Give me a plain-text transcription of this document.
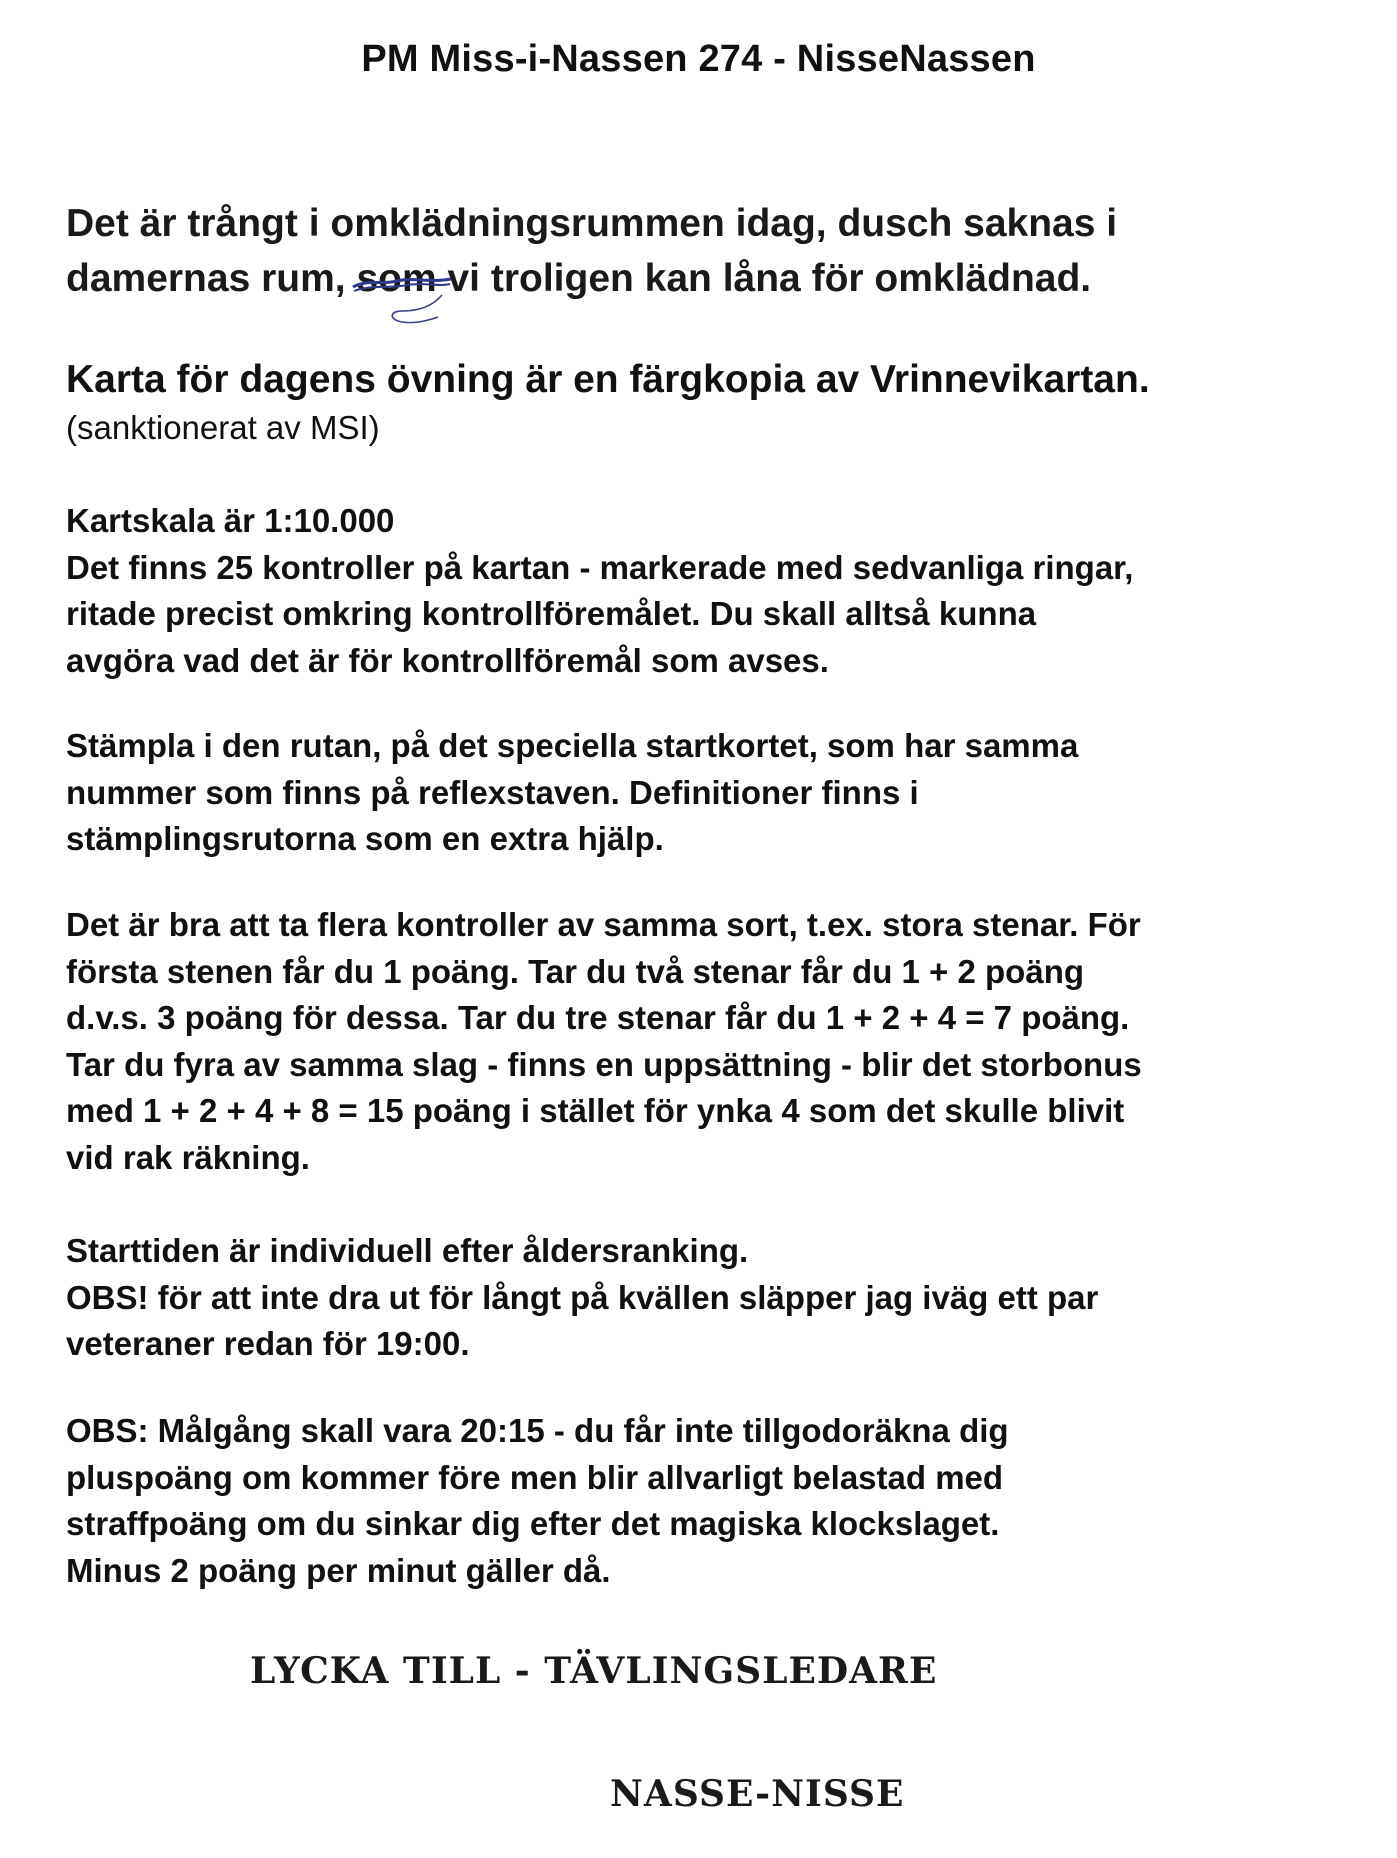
PM Miss-i-Nassen 274 - NisseNassen
Det är trångt i omklädningsrummen idag, dusch saknas i
damernas rum, som vi troligen kan låna för omklädnad.
Karta för dagens övning är en färgkopia av Vrinnevikartan.
(sanktionerat av MSI)
Kartskala är 1:10.000
Det finns 25 kontroller på kartan - markerade med sedvanliga ringar,
ritade precist omkring kontrollföremålet. Du skall alltså kunna
avgöra vad det är för kontrollföremål som avses.
Stämpla i den rutan, på det speciella startkortet, som har samma
nummer som finns på reflexstaven. Definitioner finns i
stämplingsrutorna som en extra hjälp.
Det är bra att ta flera kontroller av samma sort, t.ex. stora stenar. För
första stenen får du 1 poäng. Tar du två stenar får du 1 + 2 poäng
d.v.s. 3 poäng för dessa. Tar du tre stenar får du 1 + 2 + 4 = 7 poäng.
Tar du fyra av samma slag - finns en uppsättning - blir det storbonus
med 1 + 2 + 4 + 8 = 15 poäng i stället för ynka 4 som det skulle blivit
vid rak räkning.
Starttiden är individuell efter åldersranking.
OBS! för att inte dra ut för långt på kvällen släpper jag iväg ett par
veteraner redan för 19:00.
OBS: Målgång skall vara 20:15 - du får inte tillgodoräkna dig
pluspoäng om kommer före men blir allvarligt belastad med
straffpoäng om du sinkar dig efter det magiska klockslaget.
Minus 2 poäng per minut gäller då.
LYCKA TILL - TÄVLINGSLEDARE
NASSE-NISSE
